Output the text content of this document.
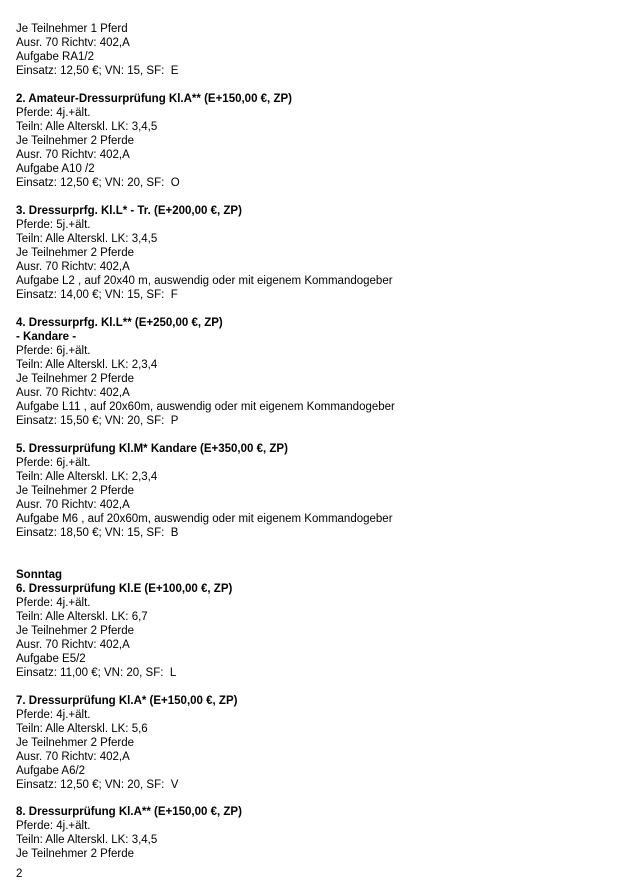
Je Teilnehmer 1 Pferd
Ausr. 70 Richtv: 402,A
Aufgabe RA1/2
Einsatz: 12,50 €; VN: 15, SF:  E
2. Amateur-Dressurprüfung Kl.A** (E+150,00 €, ZP)
Pferde: 4j.+ält.
Teiln: Alle Alterskl. LK: 3,4,5
Je Teilnehmer 2 Pferde
Ausr. 70 Richtv: 402,A
Aufgabe A10 /2
Einsatz: 12,50 €; VN: 20, SF:  O
3. Dressurprfg. Kl.L* - Tr. (E+200,00 €, ZP)
Pferde: 5j.+ält.
Teiln: Alle Alterskl. LK: 3,4,5
Je Teilnehmer 2 Pferde
Ausr. 70 Richtv: 402,A
Aufgabe L2 , auf 20x40 m, auswendig oder mit eigenem Kommandogeber
Einsatz: 14,00 €; VN: 15, SF:  F
4. Dressurprfg. Kl.L** (E+250,00 €, ZP)
- Kandare -
Pferde: 6j.+ält.
Teiln: Alle Alterskl. LK: 2,3,4
Je Teilnehmer 2 Pferde
Ausr. 70 Richtv: 402,A
Aufgabe L11 , auf 20x60m, auswendig oder mit eigenem Kommandogeber
Einsatz: 15,50 €; VN: 20, SF:  P
5. Dressurprüfung Kl.M* Kandare (E+350,00 €, ZP)
Pferde: 6j.+ält.
Teiln: Alle Alterskl. LK: 2,3,4
Je Teilnehmer 2 Pferde
Ausr. 70 Richtv: 402,A
Aufgabe M6 , auf 20x60m, auswendig oder mit eigenem Kommandogeber
Einsatz: 18,50 €; VN: 15, SF:  B
Sonntag
6. Dressurprüfung Kl.E (E+100,00 €, ZP)
Pferde: 4j.+ält.
Teiln: Alle Alterskl. LK: 6,7
Je Teilnehmer 2 Pferde
Ausr. 70 Richtv: 402,A
Aufgabe E5/2
Einsatz: 11,00 €; VN: 20, SF:  L
7. Dressurprüfung Kl.A* (E+150,00 €, ZP)
Pferde: 4j.+ält.
Teiln: Alle Alterskl. LK: 5,6
Je Teilnehmer 2 Pferde
Ausr. 70 Richtv: 402,A
Aufgabe A6/2
Einsatz: 12,50 €; VN: 20, SF:  V
8. Dressurprüfung Kl.A** (E+150,00 €, ZP)
Pferde: 4j.+ält.
Teiln: Alle Alterskl. LK: 3,4,5
Je Teilnehmer 2 Pferde
2
